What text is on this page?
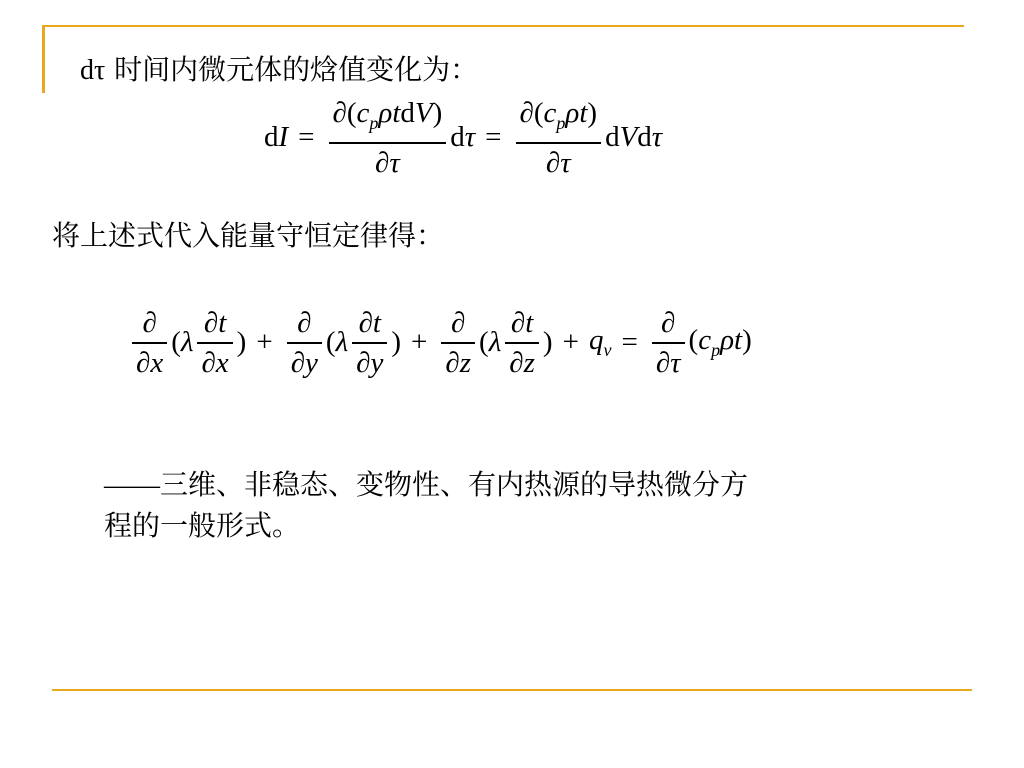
dτ 时间内微元体的焓值变化为：
dI = $\frac{\partial(c_p\rho tdV)}{\partial\tau}$ $d\tau = \frac{\partial(c_p\rho t)}{\partial\tau}$ dVdτ
将上述式代入能量守恒定律得：
$\frac{\partial}{\partial x} (\lambda \frac{\partial t}{\partial x}$ ) + $\frac{\partial}{\partial y} (\lambda \frac{\partial t}{\partial y}$ ) + $\frac{\partial}{\partial z} (\lambda \frac{\partial t}{\partial z}$ ) + $q_v = \frac{\partial}{\partial\tau} (c_p\rho t)$
——三维、非稳态、变物性、有内热源的导热微分方
程的一般形式。
